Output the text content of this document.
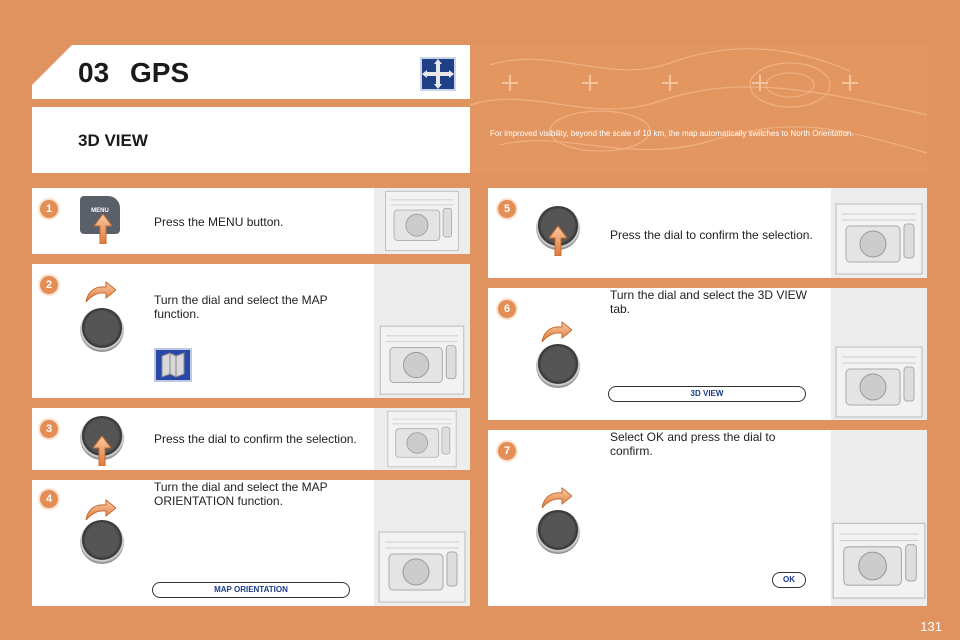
03 GPS
3D VIEW	For improved visibility, beyond the scale of 10 km, the map automatically switches to North Orientation.
MENU
Press the MENU button.
1
Turn the dial and select the MAP function.
2
Press the dial to confirm the selection.
3
Turn the dial and select the MAP ORIENTATION function.
MAP ORIENTATION
4
Press the dial to confirm the selection.
5
Turn the dial and select the 3D VIEW tab.
3D VIEW
6
Select OK and press the dial to confirm.
OK
7
131
